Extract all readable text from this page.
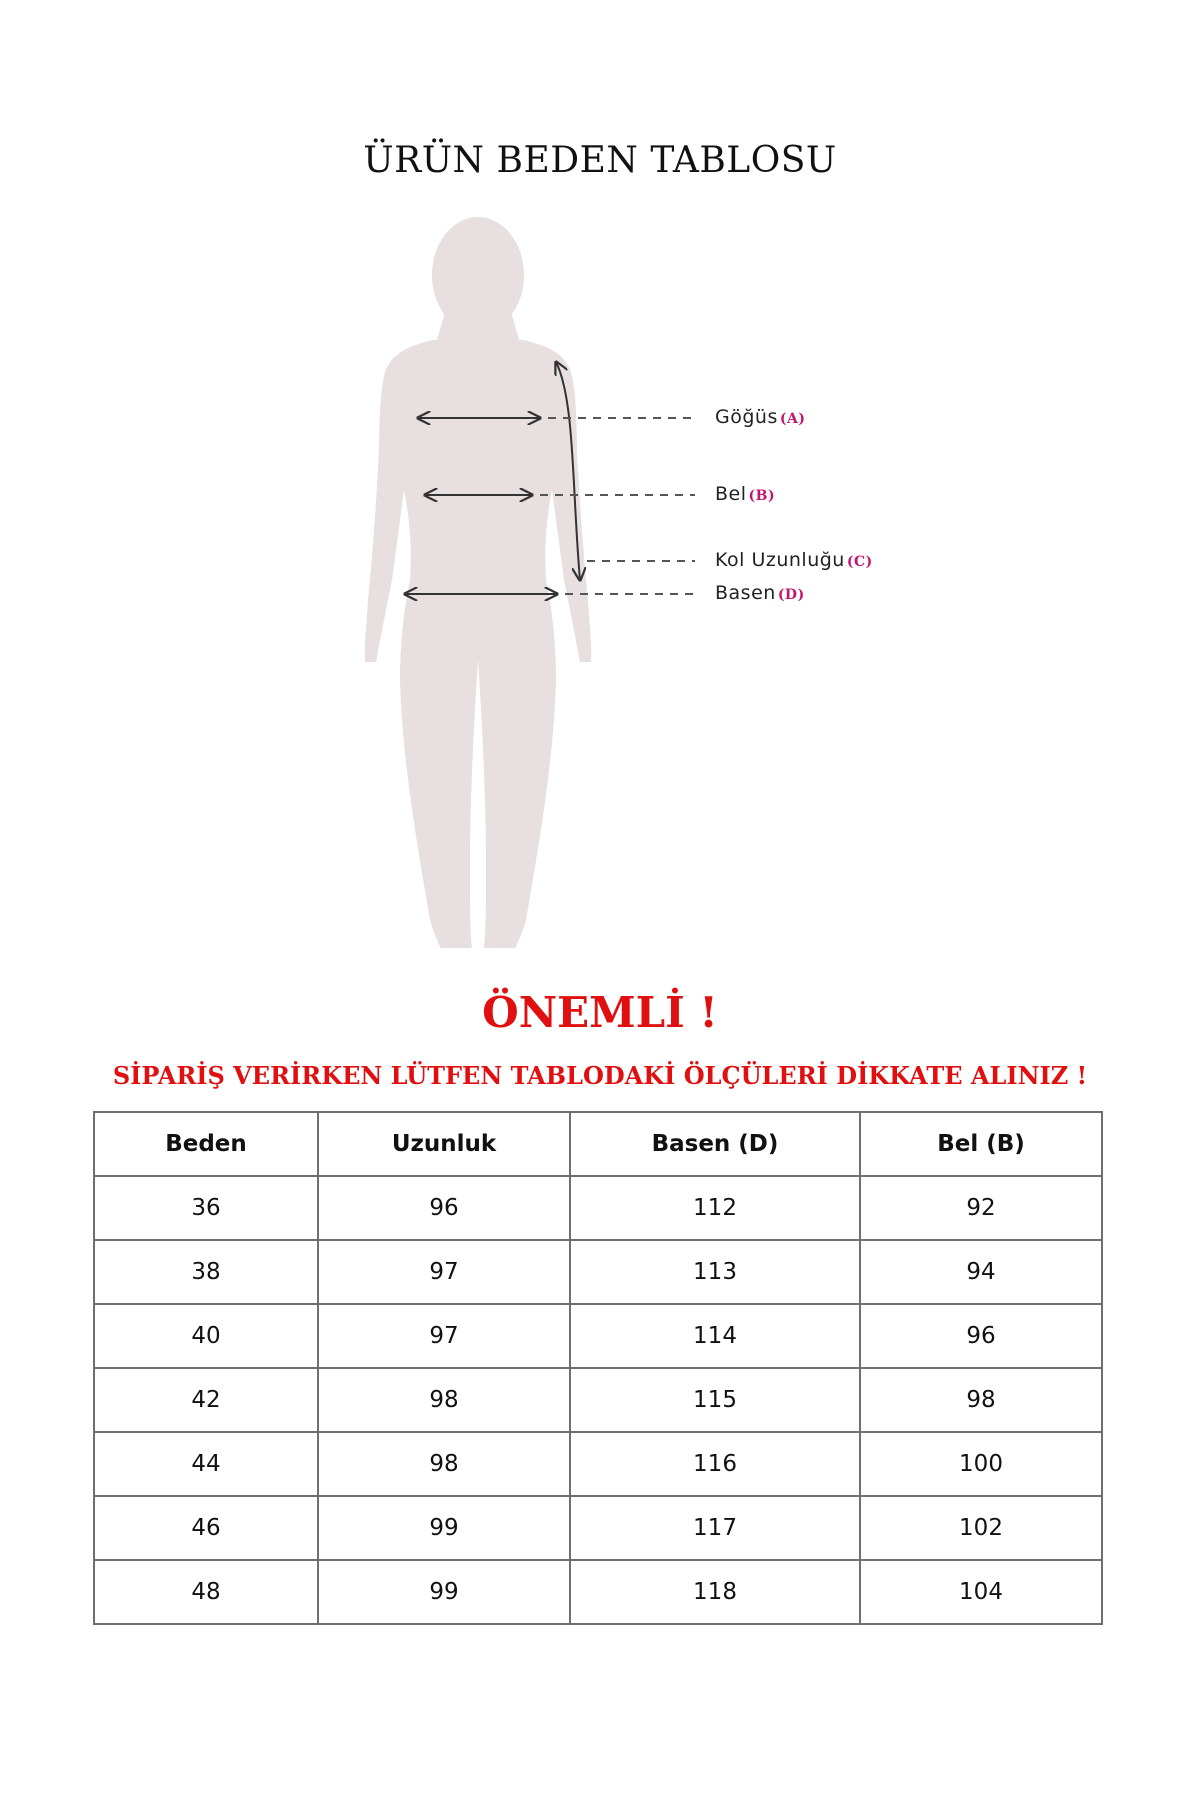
ÜRÜN BEDEN TABLOSU
Göğüs (A)
Bel (B)
Kol Uzunluğu (C)
Basen (D)
ÖNEMLİ !
SİPARİŞ VERİRKEN LÜTFEN TABLODAKİ ÖLÇÜLERİ DİKKATE ALINIZ !
Beden	Uzunluk	Basen (D)	Bel (B)
36	96	112	92
38	97	113	94
40	97	114	96
42	98	115	98
44	98	116	100
46	99	117	102
48	99	118	104
